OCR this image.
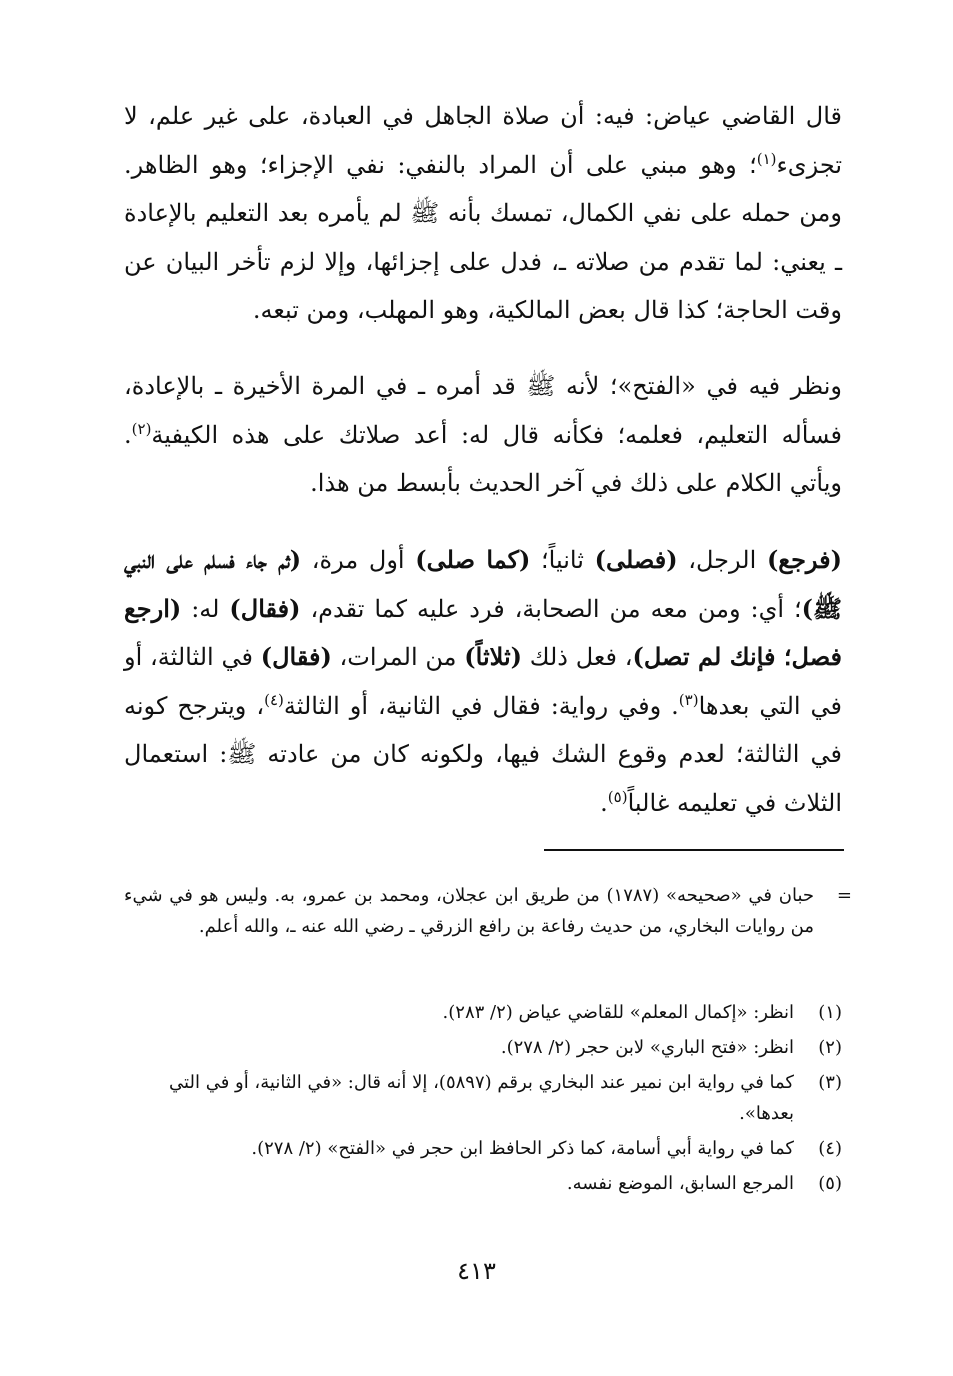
قال القاضي عياض: فيه: أن صلاة الجاهل في العبادة، على غير علم، لا تجزىء$^{(١)}$؛ وهو مبني على أن المراد بالنفي: نفي الإجزاء؛ وهو الظاهر. ومن حمله على نفي الكمال، تمسك بأنه ﷺ لم يأمره بعد التعليم بالإعادة ـ يعني: لما تقدم من صلاته ـ، فدل على إجزائها، وإلا لزم تأخر البيان عن وقت الحاجة؛ كذا قال بعض المالكية، وهو المهلب، ومن تبعه.

ونظر فيه في «الفتح»؛ لأنه ﷺ قد أمره ـ في المرة الأخيرة ـ بالإعادة، فسأله التعليم، فعلمه؛ فكأنه قال له: أعد صلاتك على هذه الكيفية$^{(٢)}$. ويأتي الكلام على ذلك في آخر الحديث بأبسط من هذا.

(فرجع) الرجل، (فصلى) ثانياً؛ (كما صلى) أول مرة، (ثم جاء فسلم على النبي ﷺ)؛ أي: ومن معه من الصحابة، فرد عليه كما تقدم، (فقال) له: (ارجع فصل؛ فإنك لم تصل)، فعل ذلك (ثلاثاً) من المرات، (فقال) في الثالثة، أو في التي بعدها$^{(٣)}$. وفي رواية: فقال في الثانية، أو الثالثة$^{(٤)}$، ويترجح كونه في الثالثة؛ لعدم وقوع الشك فيها، ولكونه كان من عادته ﷺ: استعمال الثلاث في تعليمه غالباً$^{(٥)}$.

=
حبان في «صحيحه» (١٧٨٧) من طريق ابن عجلان، ومحمد بن عمرو، به. وليس هو في شيء من روايات البخاري، من حديث رفاعة بن رافع الزرقي ـ رضي الله عنه ـ، والله أعلم.
(١)
انظر: «إكمال المعلم» للقاضي عياض (٢/ ٢٨٣).
(٢)
انظر: «فتح الباري» لابن حجر (٢/ ٢٧٨).
(٣)
كما في رواية ابن نمير عند البخاري برقم (٥٨٩٧)، إلا أنه قال: «في الثانية، أو في التي بعدها».
(٤)
كما في رواية أبي أسامة، كما ذكر الحافظ ابن حجر في «الفتح» (٢/ ٢٧٨).
(٥)
المرجع السابق، الموضع نفسه.
٤١٣
